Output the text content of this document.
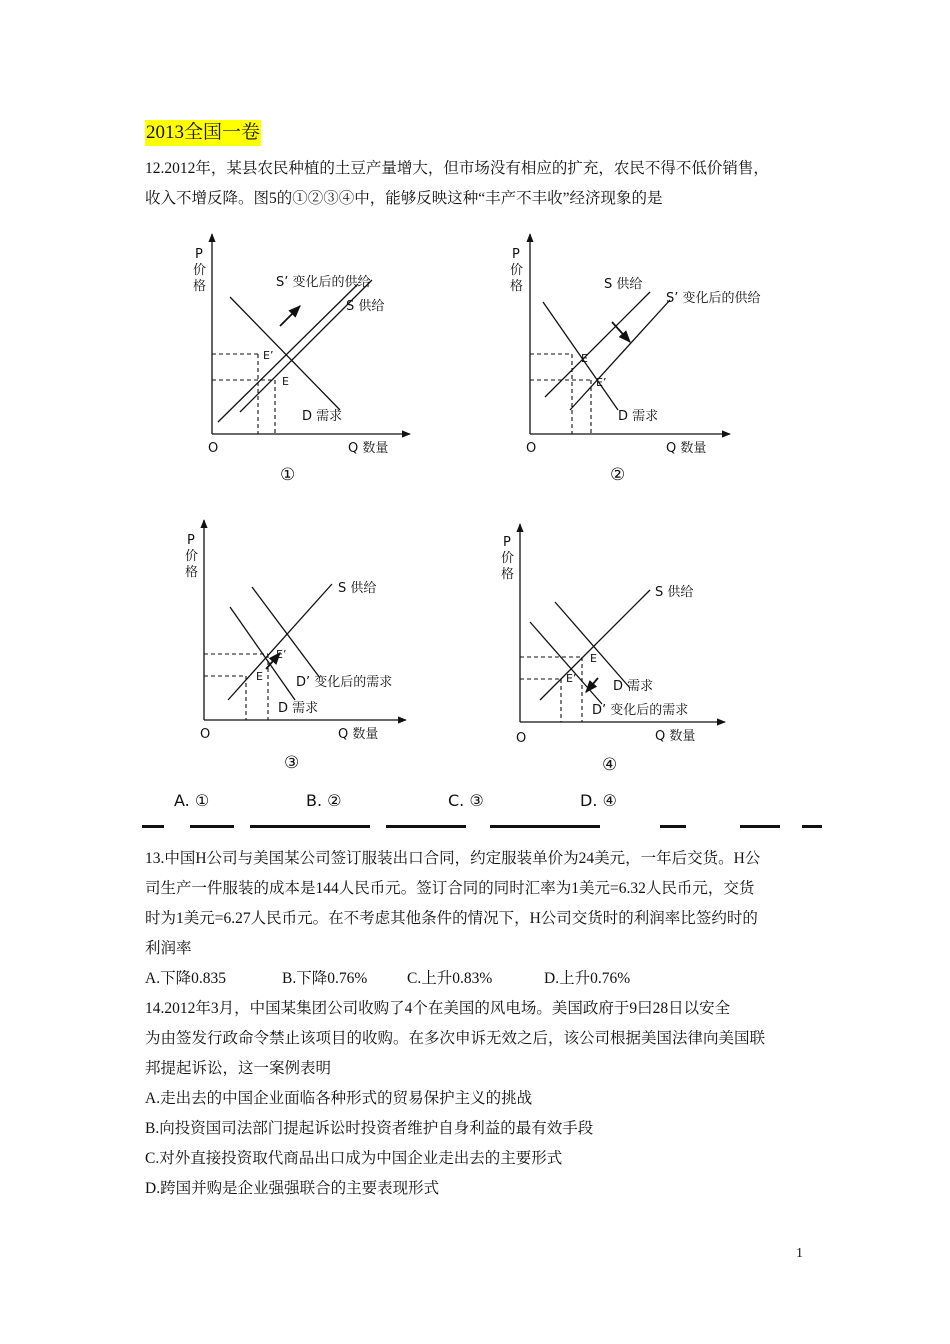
2013全国一卷
12.2012年，某县农民种植的土豆产量增大，但市场没有相应的扩充，农民不得不低价销售，
收入不增反降。图5的①②③④中，能够反映这种“丰产不丰收”经济现象的是
P
价
格	S’ 变化后的供给
S 供给
E’
E
D 需求
O	Q 数量
①
P
价
格	S 供给
S’ 变化后的供给
E
E’
D 需求
O	Q 数量
②
P
价
格
S 供给
E’
E	D’ 变化后的需求
D 需求
O	Q 数量
③
P
价
格
S 供给
E
E’
D 需求
D’ 变化后的需求
O	Q 数量
④
A. ①	B. ②	C. ③	D. ④
13.中国H公司与美国某公司签订服装出口合同，约定服装单价为24美元，一年后交货。H公
司生产一件服装的成本是144人民币元。签订合同的同时汇率为1美元=6.32人民币元，交货
时为1美元=6.27人民币元。在不考虑其他条件的情况下，H公司交货时的利润率比签约时的
利润率
A.下降0.835	B.下降0.76%	C.上升0.83%	D.上升0.76%
14.2012年3月，中国某集团公司收购了4个在美国的风电场。美国政府于9曰28日以安全
为由签发行政命令禁止该项目的收购。在多次申诉无效之后，该公司根据美国法律向美国联
邦提起诉讼，这一案例表明
A.走出去的中国企业面临各种形式的贸易保护主义的挑战
B.向投资国司法部门提起诉讼时投资者维护自身利益的最有效手段
C.对外直接投资取代商品出口成为中国企业走出去的主要形式
D.跨国并购是企业强强联合的主要表现形式
1
